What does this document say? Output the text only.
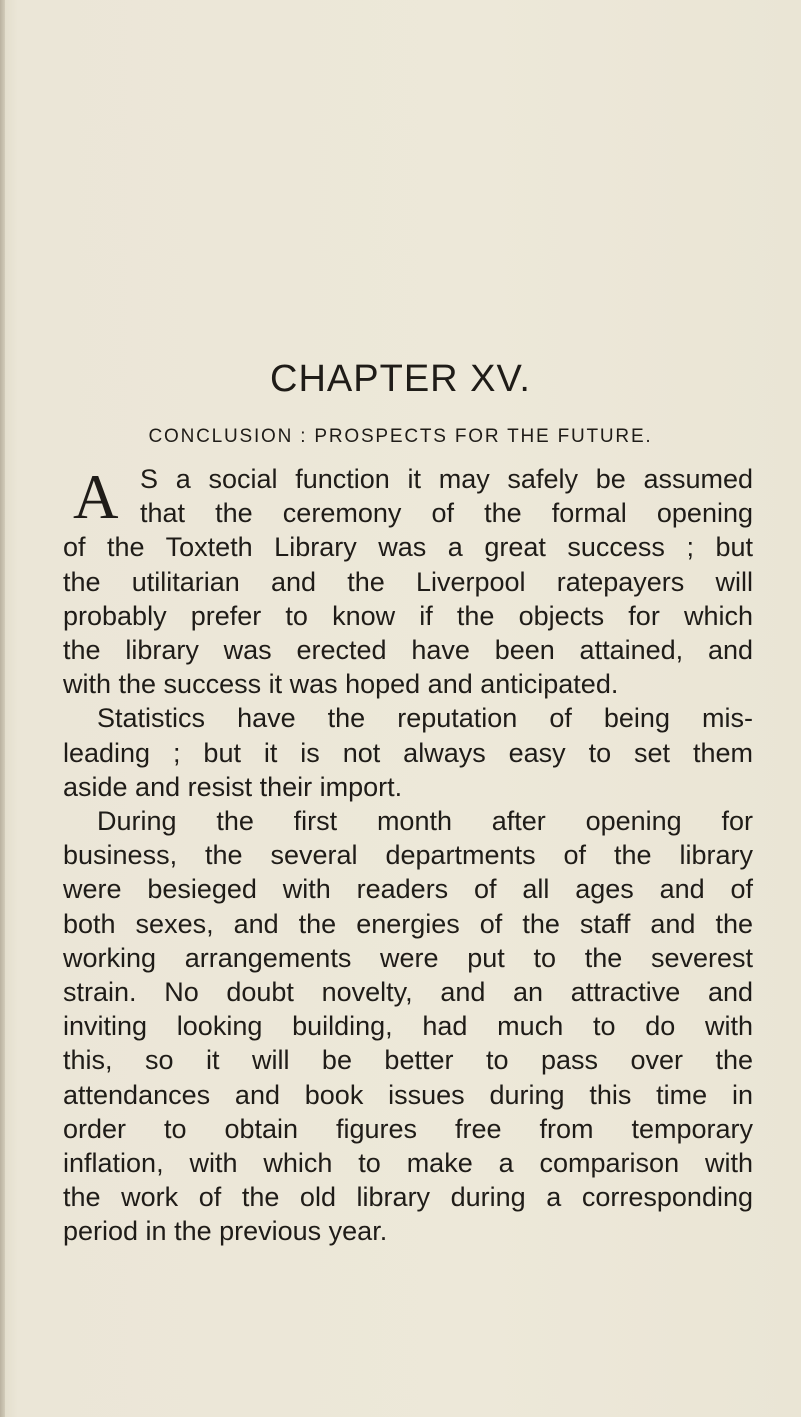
CHAPTER XV.
CONCLUSION : PROSPECTS FOR THE FUTURE.
A S a social function it may safely be assumed
that the ceremony of the formal opening
of the Toxteth Library was a great success ; but
the utilitarian and the Liverpool ratepayers will
probably prefer to know if the objects for which
the library was erected have been attained, and
with the success it was hoped and anticipated.
Statistics have the reputation of being mis-
leading ; but it is not always easy to set them
aside and resist their import.
During the first month after opening for
business, the several departments of the library
were besieged with readers of all ages and of
both sexes, and the energies of the staff and the
working arrangements were put to the severest
strain. No doubt novelty, and an attractive and
inviting looking building, had much to do with
this, so it will be better to pass over the
attendances and book issues during this time in
order to obtain figures free from temporary
inflation, with which to make a comparison with
the work of the old library during a corresponding
period in the previous year.
